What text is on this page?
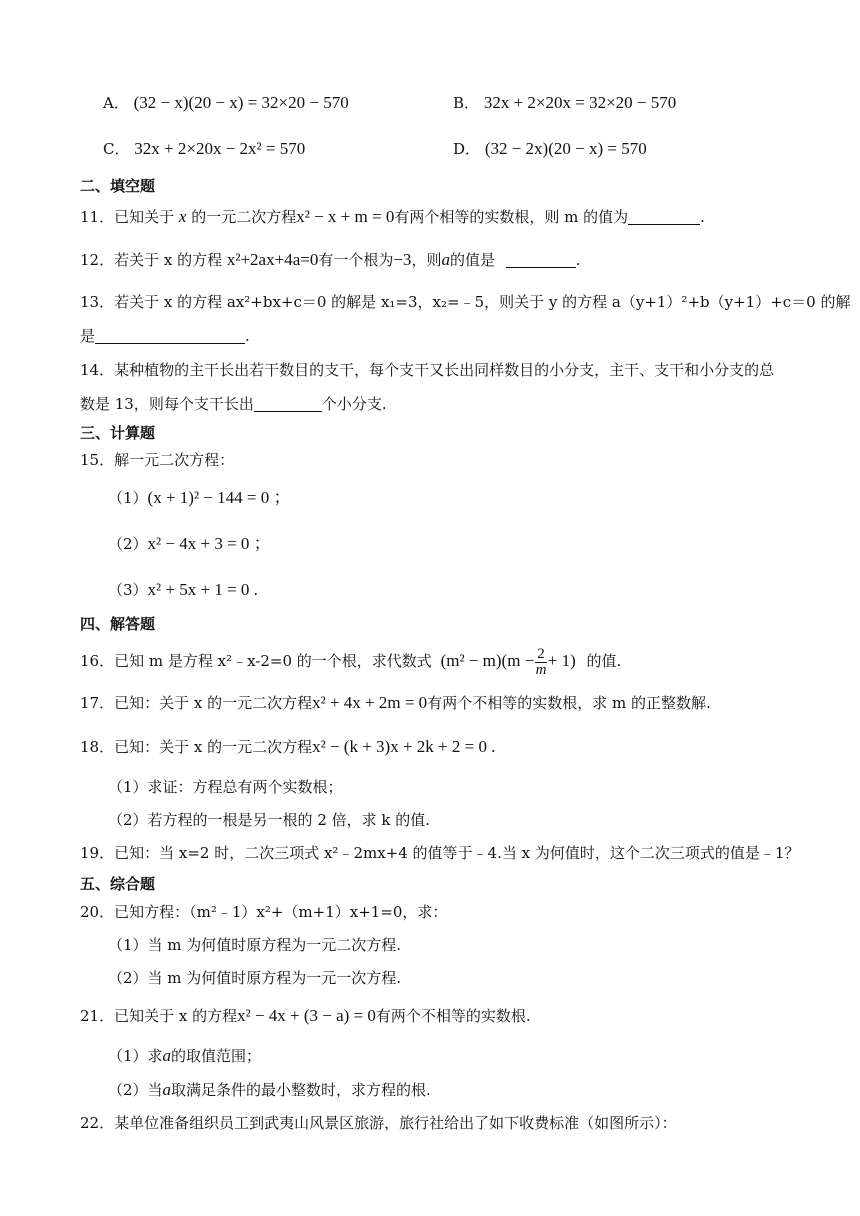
A． (32 − x)(20 − x) = 32×20 − 570	B． 32x + 2×20x = 32×20 − 570
C． 32x + 2×20x − 2x² = 570	D． (32 − 2x)(20 − x) = 570
二、填空题
11．已知关于 x 的一元二次方程x² − x + m = 0有两个相等的实数根，则 m 的值为	.
12．若关于 x 的方程 x²+2ax+4a=0有一个根为−3，则a的值是	.
13．若关于 x 的方程 ax²+bx+c＝0 的解是 x₁=3，x₂=﹣5，则关于 y 的方程 a（y+1）²+b（y+1）+c＝0 的解
是	.
14．某种植物的主干长出若干数目的支干，每个支干又长出同样数目的小分支，主干、支干和小分支的总
数是 13，则每个支干长出	个小分支.
三、计算题
15．解一元二次方程：
（1）(x + 1)² − 144 = 0 ；
（2）x² − 4x + 3 = 0 ；
（3）x² + 5x + 1 = 0 .
四、解答题
16．已知 m 是方程 x²﹣x-2=0 的一个根，求代数式 $(m^2 - m)(m - \frac{2}{m} + 1)$ 的值.
17．已知：关于 x 的一元二次方程x² + 4x + 2m = 0有两个不相等的实数根，求 m 的正整数解.
18．已知：关于 x 的一元二次方程x² − (k + 3)x + 2k + 2 = 0 .
（1）求证：方程总有两个实数根；
（2）若方程的一根是另一根的 2 倍，求 k 的值.
19．已知：当 x=2 时，二次三项式 x²﹣2mx+4 的值等于﹣4.当 x 为何值时，这个二次三项式的值是﹣1？
五、综合题
20．已知方程：（m²﹣1）x²+（m+1）x+1=0，求：
（1）当 m 为何值时原方程为一元二次方程.
（2）当 m 为何值时原方程为一元一次方程.
21．已知关于 x 的方程x² − 4x + (3 − a) = 0有两个不相等的实数根.
（1）求a的取值范围；
（2）当a取满足条件的最小整数时，求方程的根.
22．某单位准备组织员工到武夷山风景区旅游，旅行社给出了如下收费标准（如图所示）：
